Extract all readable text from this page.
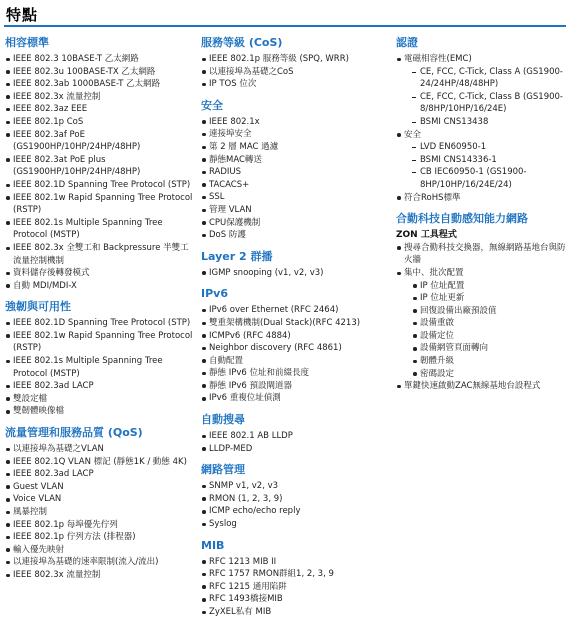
特點
相容標準
IEEE 802.3 10BASE-T 乙太網路
IEEE 802.3u 100BASE-TX 乙太網路
IEEE 802.3ab 1000BASE-T 乙太網路
IEEE 802.3x 流量控制
IEEE 802.3az EEE
IEEE 802.1p CoS
IEEE 802.3af PoE (GS1900HP/10HP/24HP/48HP)
IEEE 802.3at PoE plus (GS1900HP/10HP/24HP/48HP)
IEEE 802.1D Spanning Tree Protocol (STP)
IEEE 802.1w Rapid Spanning Tree Protocol (RSTP)
IEEE 802.1s Multiple Spanning Tree Protocol (MSTP)
IEEE 802.3x 全雙工和 Backpressure 半雙工流量控制機制
資料儲存後轉發模式
自動 MDI/MDI-X
強韌與可用性
IEEE 802.1D Spanning Tree Protocol (STP)
IEEE 802.1w Rapid Spanning Tree Protocol (RSTP)
IEEE 802.1s Multiple Spanning Tree Protocol (MSTP)
IEEE 802.3ad LACP
雙設定檔
雙韌體映像檔
流量管理和服務品質 (QoS)
以連接埠為基礎之VLAN
IEEE 802.1Q VLAN 標記 (靜態1K / 動態 4K)
IEEE 802.3ad LACP
Guest VLAN
Voice VLAN
風暴控制
IEEE 802.1p 每埠優先佇列
IEEE 802.1p 佇列方法 (排程器)
輸入優先映射
以連接埠為基礎的速率限制(流入/流出)
IEEE 802.3x 流量控制
服務等級 (CoS)
IEEE 802.1p 服務等級 (SPQ, WRR)
以連接埠為基礎之CoS
IP TOS 位次
安全
IEEE 802.1x
連接埠安全
第 2 層 MAC 過濾
靜態MAC轉送
RADIUS
TACACS+
SSL
管理 VLAN
CPU保護機制
DoS 防護
Layer 2 群播
IGMP snooping (v1, v2, v3)
IPv6
IPv6 over Ethernet (RFC 2464)
雙重架構機制(Dual Stack)(RFC 4213)
ICMPv6 (RFC 4884)
Neighbor discovery (RFC 4861)
自動配置
靜態 IPv6 位址和前綴長度
靜態 IPv6 預設閘道器
IPv6 重複位址偵測
自動搜尋
IEEE 802.1 AB LLDP
LLDP-MED
網路管理
SNMP v1, v2, v3
RMON (1, 2, 3, 9)
ICMP echo/echo reply
Syslog
MIB
RFC 1213 MIB II
RFC 1757 RMON群組1, 2, 3, 9
RFC 1215 通用陷阱
RFC 1493橋接MIB
ZyXEL私有 MIB
認證
電磁相容性(EMC)
CE, FCC, C-Tick, Class A (GS1900-24/24HP/48/48HP)
CE, FCC, C-Tick, Class B (GS1900-8/8HP/10HP/16/24E)
BSMI CNS13438
安全
LVD EN60950-1
BSMI CNS14336-1
CB IEC60950-1 (GS1900-8HP/10HP/16/24E/24)
符合RoHS標準
合勤科技自動感知能力網路
ZON 工具程式
搜尋合勤科技交換器，無線網路基地台與防火牆
集中、批次配置
IP 位址配置
IP 位址更新
回復設備出廠預設值
設備重啟
設備定位
設備網管頁面轉向
韌體升級
密碼設定
單鍵快速啟動ZAC無線基地台設程式
